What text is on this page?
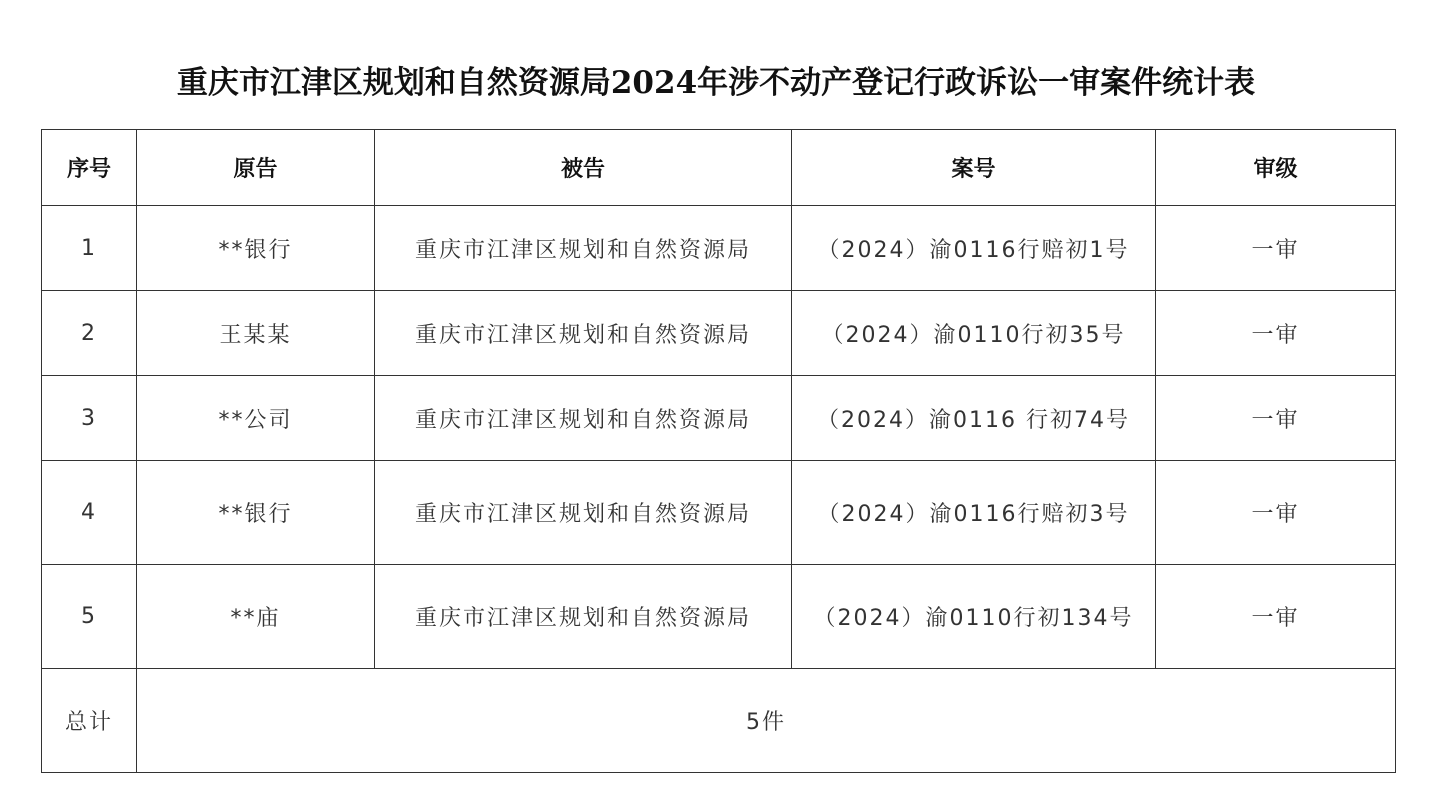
重庆市江津区规划和自然资源局2024年涉不动产登记行政诉讼一审案件统计表
序号	原告	被告	案号	审级
1	**银行	重庆市江津区规划和自然资源局	（2024）渝0116行赔初1号	一审
2	王某某	重庆市江津区规划和自然资源局	（2024）渝0110行初35号	一审
3	**公司	重庆市江津区规划和自然资源局	（2024）渝0116 行初74号	一审
4	**银行	重庆市江津区规划和自然资源局	（2024）渝0116行赔初3号	一审
5	**庙	重庆市江津区规划和自然资源局	（2024）渝0110行初134号	一审
总计	5件			
